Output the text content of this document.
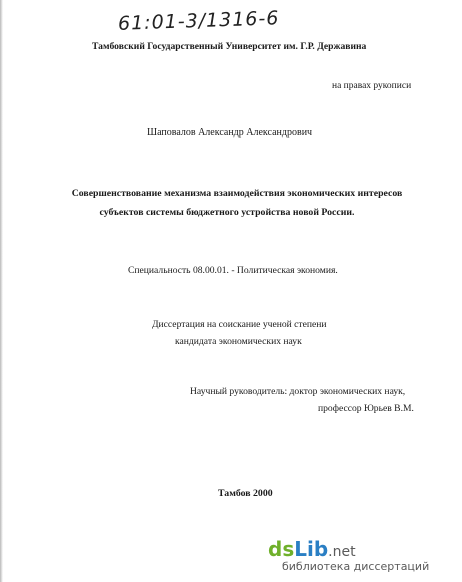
61:01-3/1316-6
Тамбовский Государственный Университет им. Г.Р. Державина
на правах рукописи
Шаповалов Александр Александрович
Совершенствование механизма взаимодействия экономических интересов
субъектов системы бюджетного устройства новой России.
Специальность 08.00.01. - Политическая экономия.
Диссертация на соискание ученой степени
кандидата экономических наук
Научный руководитель: доктор экономических наук,
профессор Юрьев В.М.
Тамбов 2000
dsLib.net
библиотека диссертаций
